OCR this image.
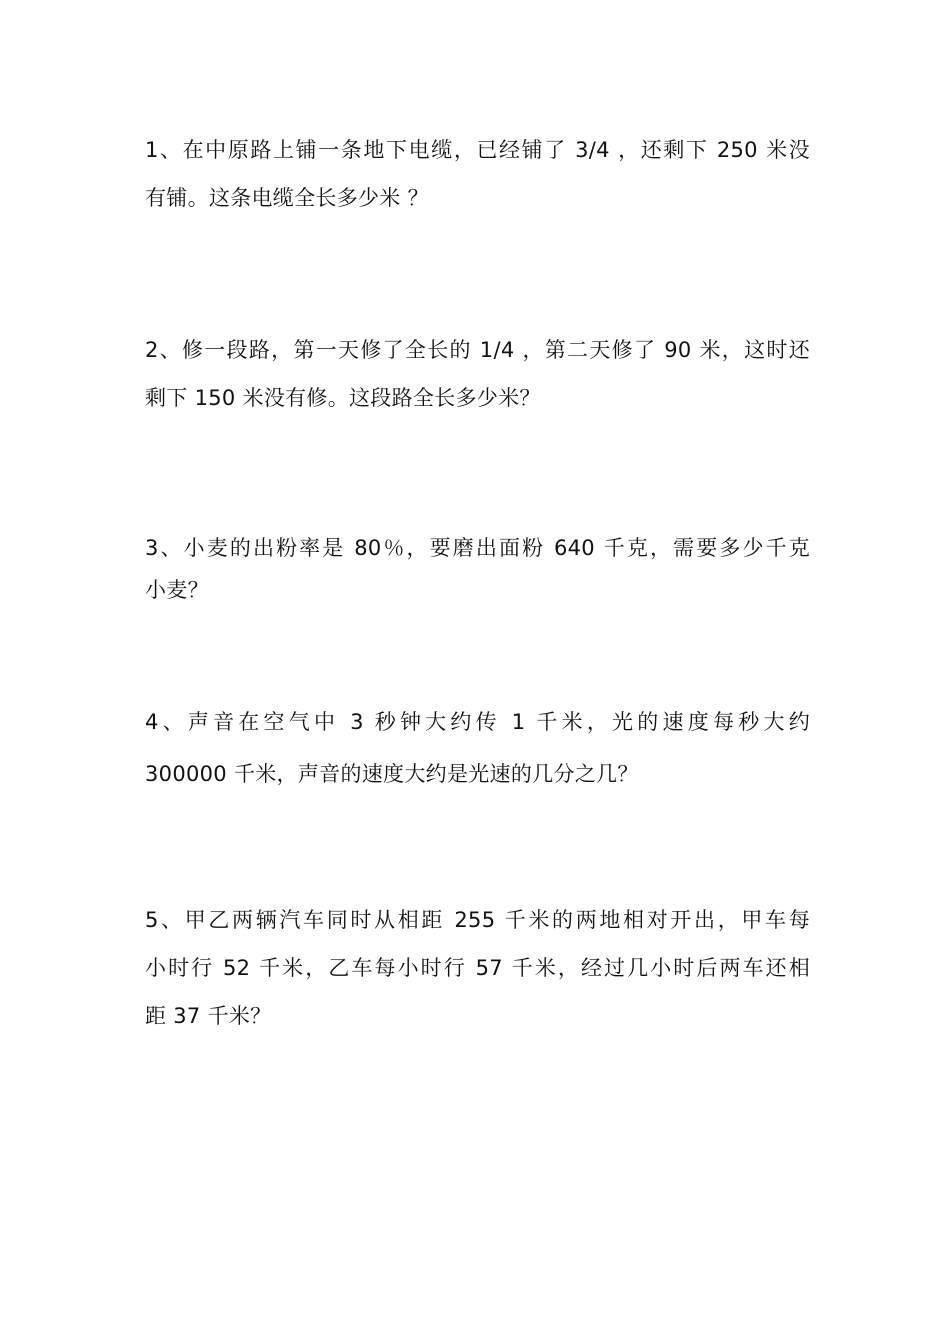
1、在中原路上铺一条地下电缆，已经铺了 3/4 ，还剩下 250 米没
有铺。这条电缆全长多少米 ？
2、修一段路，第一天修了全长的 1/4 ，第二天修了 90 米，这时还
剩下 150 米没有修。这段路全长多少米？
3、小麦的出粉率是 80％，要磨出面粉 640 千克，需要多少千克
小麦？
4、声音在空气中 3 秒钟大约传 1 千米，光的速度每秒大约
300000 千米，声音的速度大约是光速的几分之几？
5、甲乙两辆汽车同时从相距 255 千米的两地相对开出，甲车每
小时行 52 千米，乙车每小时行 57 千米，经过几小时后两车还相
距 37 千米？
